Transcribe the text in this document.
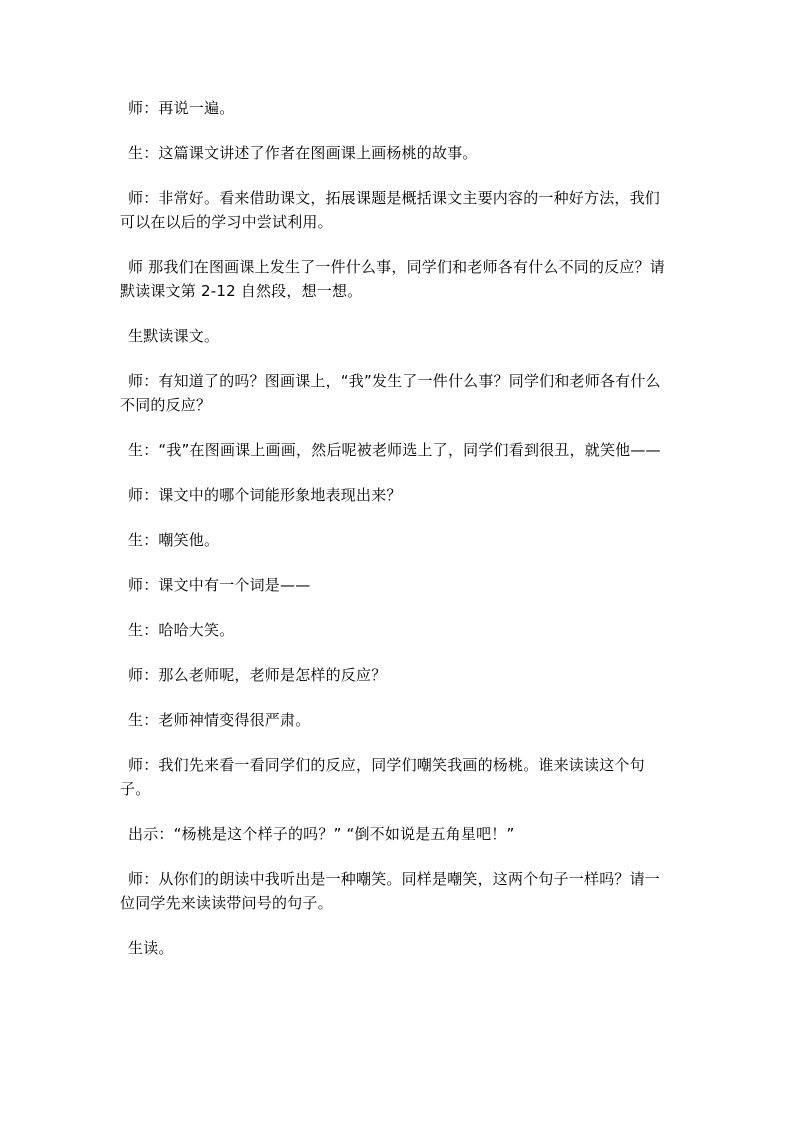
师：再说一遍。

生：这篇课文讲述了作者在图画课上画杨桃的故事。

师：非常好。看来借助课文，拓展课题是概括课文主要内容的一种好方法，我们可以在以后的学习中尝试利用。

师 那我们在图画课上发生了一件什么事，同学们和老师各有什么不同的反应？请默读课文第 2-12 自然段，想一想。

生默读课文。

师：有知道了的吗？图画课上，“我”发生了一件什么事？同学们和老师各有什么不同的反应？

生：“我”在图画课上画画，然后呢被老师选上了，同学们看到很丑，就笑他——

师：课文中的哪个词能形象地表现出来？

生：嘲笑他。

师：课文中有一个词是——

生：哈哈大笑。

师：那么老师呢，老师是怎样的反应？

生：老师神情变得很严肃。

师：我们先来看一看同学们的反应，同学们嘲笑我画的杨桃。谁来读读这个句子。

出示：“杨桃是这个样子的吗？” “倒不如说是五角星吧！”

师：从你们的朗读中我听出是一种嘲笑。同样是嘲笑，这两个句子一样吗？请一位同学先来读读带问号的句子。

生读。
